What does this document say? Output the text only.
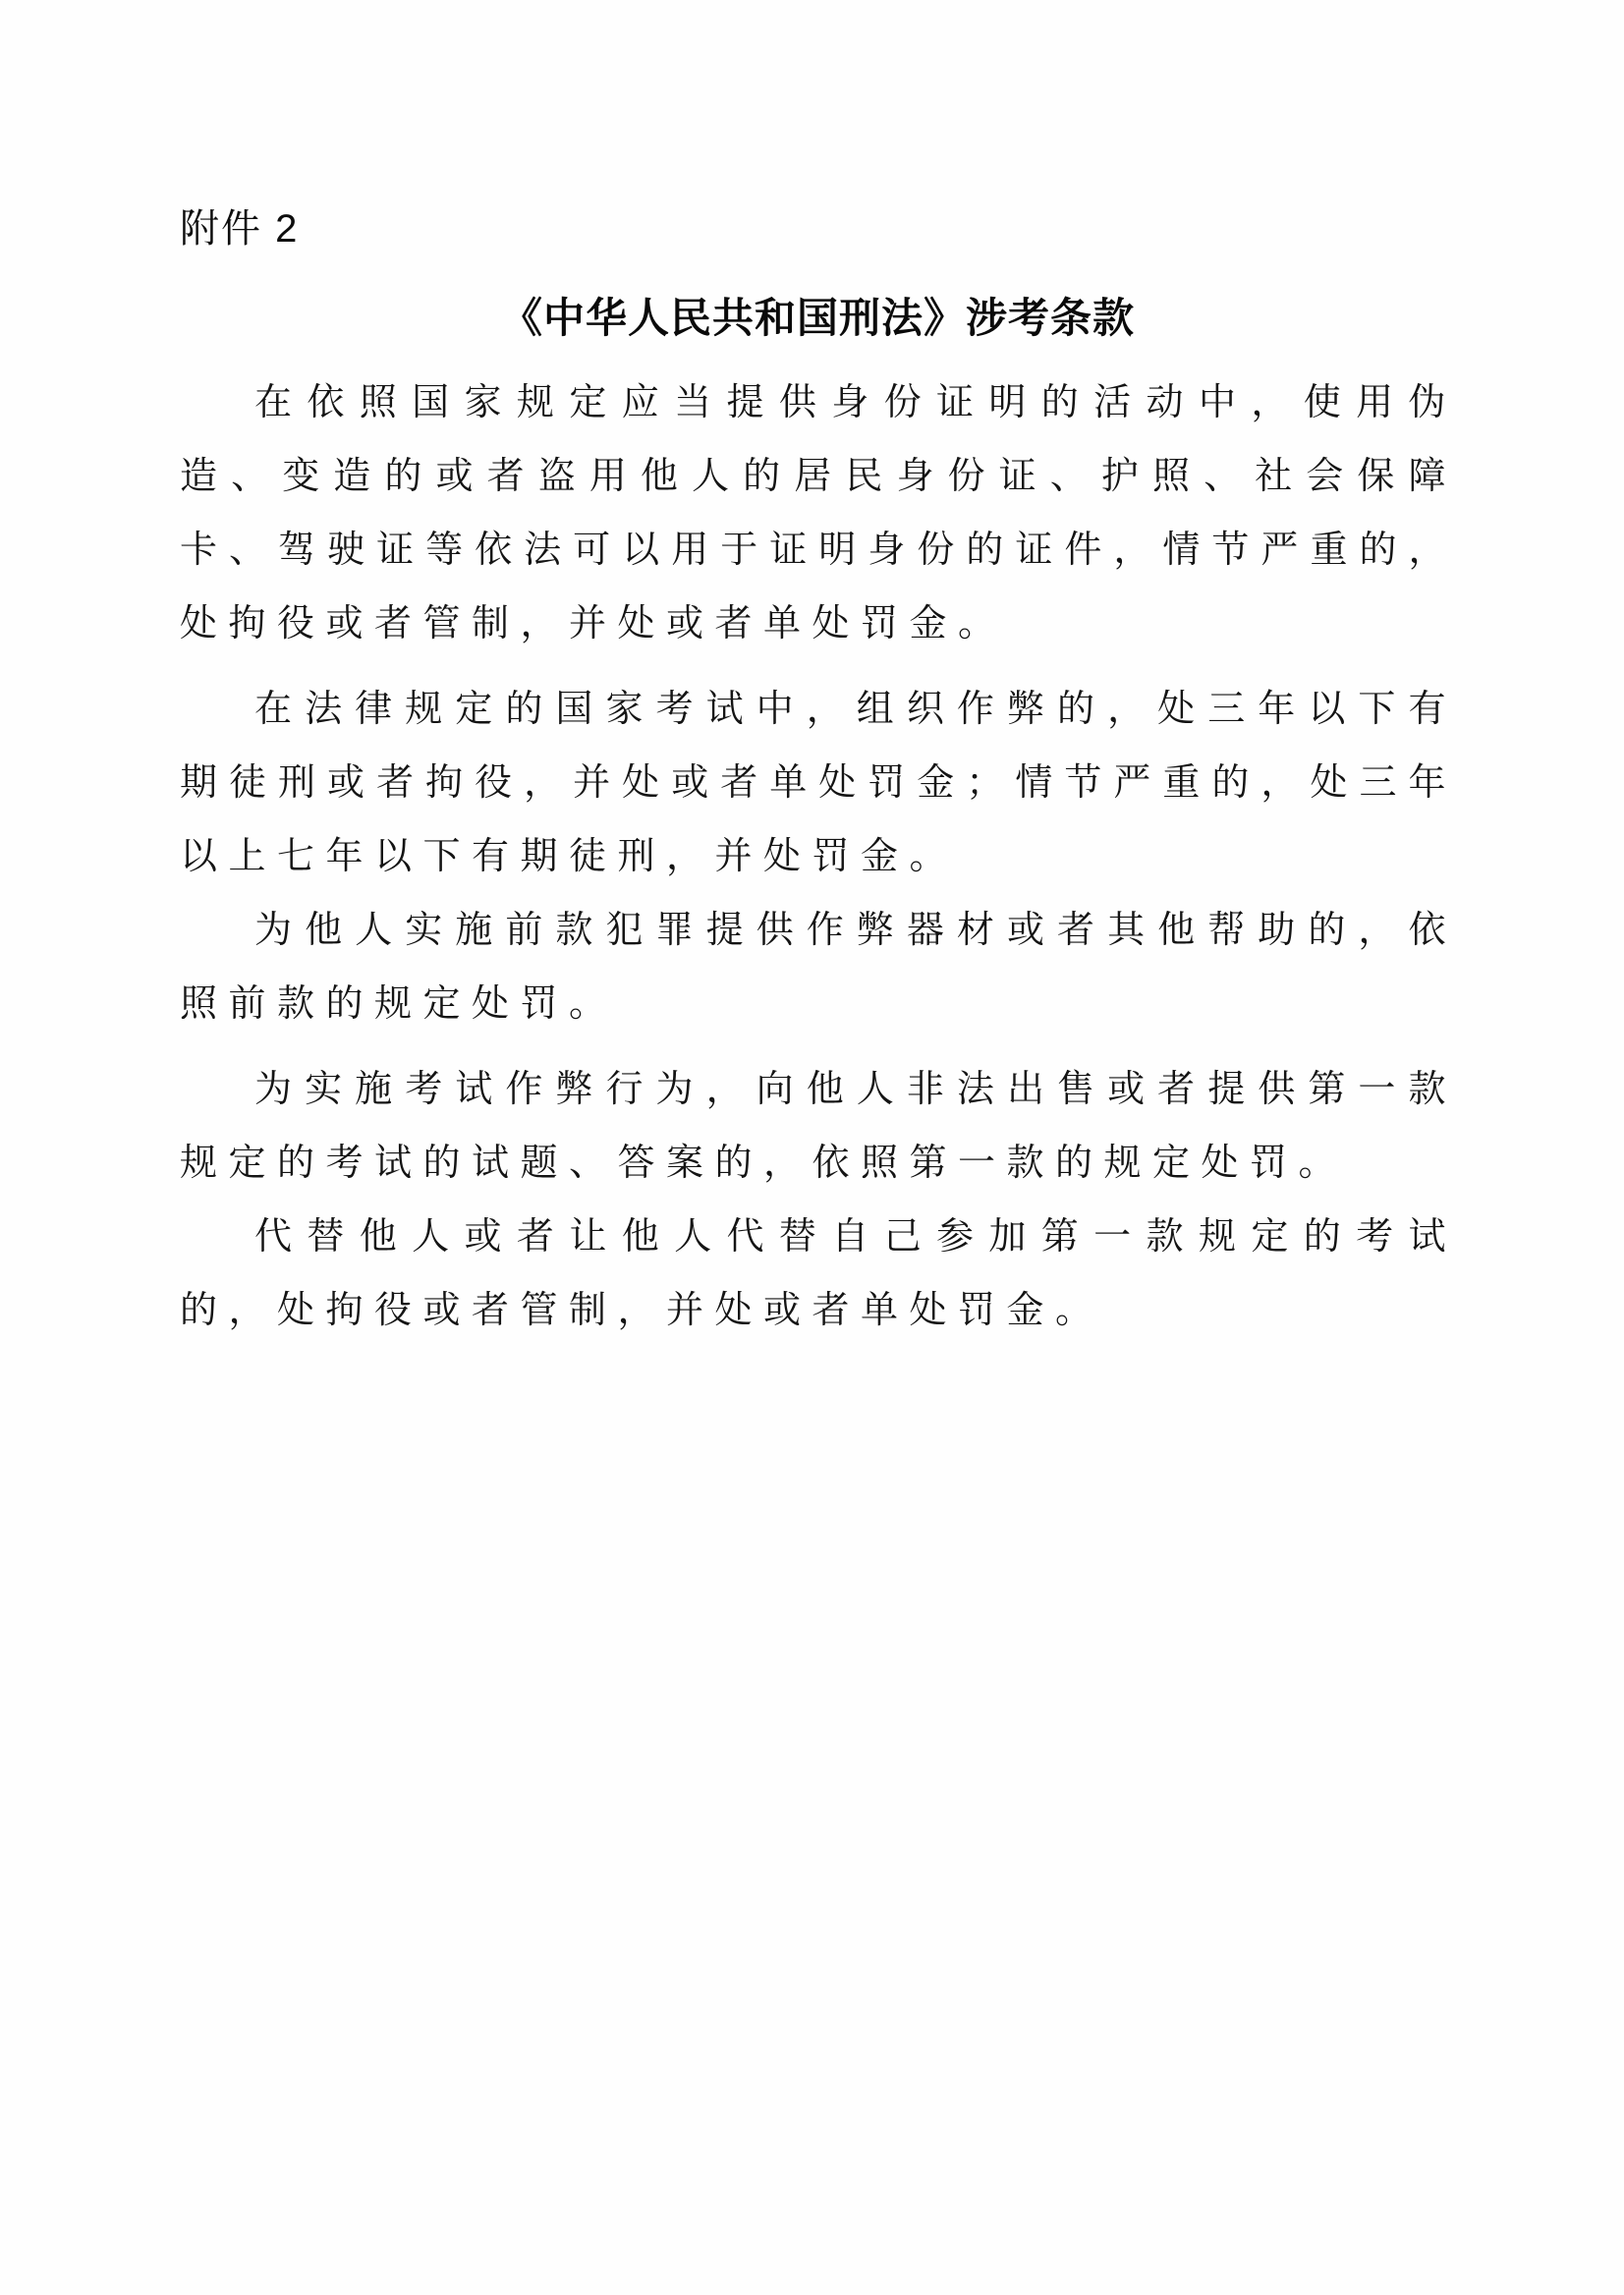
附件 2
《中华人民共和国刑法》涉考条款

在依照国家规定应当提供身份证明的活动中，使用伪造、变造的或者盗用他人的居民身份证、护照、社会保障卡、驾驶证等依法可以用于证明身份的证件，情节严重的，处拘役或者管制，并处或者单处罚金。

在法律规定的国家考试中，组织作弊的，处三年以下有期徒刑或者拘役，并处或者单处罚金；情节严重的，处三年以上七年以下有期徒刑，并处罚金。

为他人实施前款犯罪提供作弊器材或者其他帮助的，依照前款的规定处罚。

为实施考试作弊行为，向他人非法出售或者提供第一款规定的考试的试题、答案的，依照第一款的规定处罚。

代替他人或者让他人代替自己参加第一款规定的考试的，处拘役或者管制，并处或者单处罚金。
